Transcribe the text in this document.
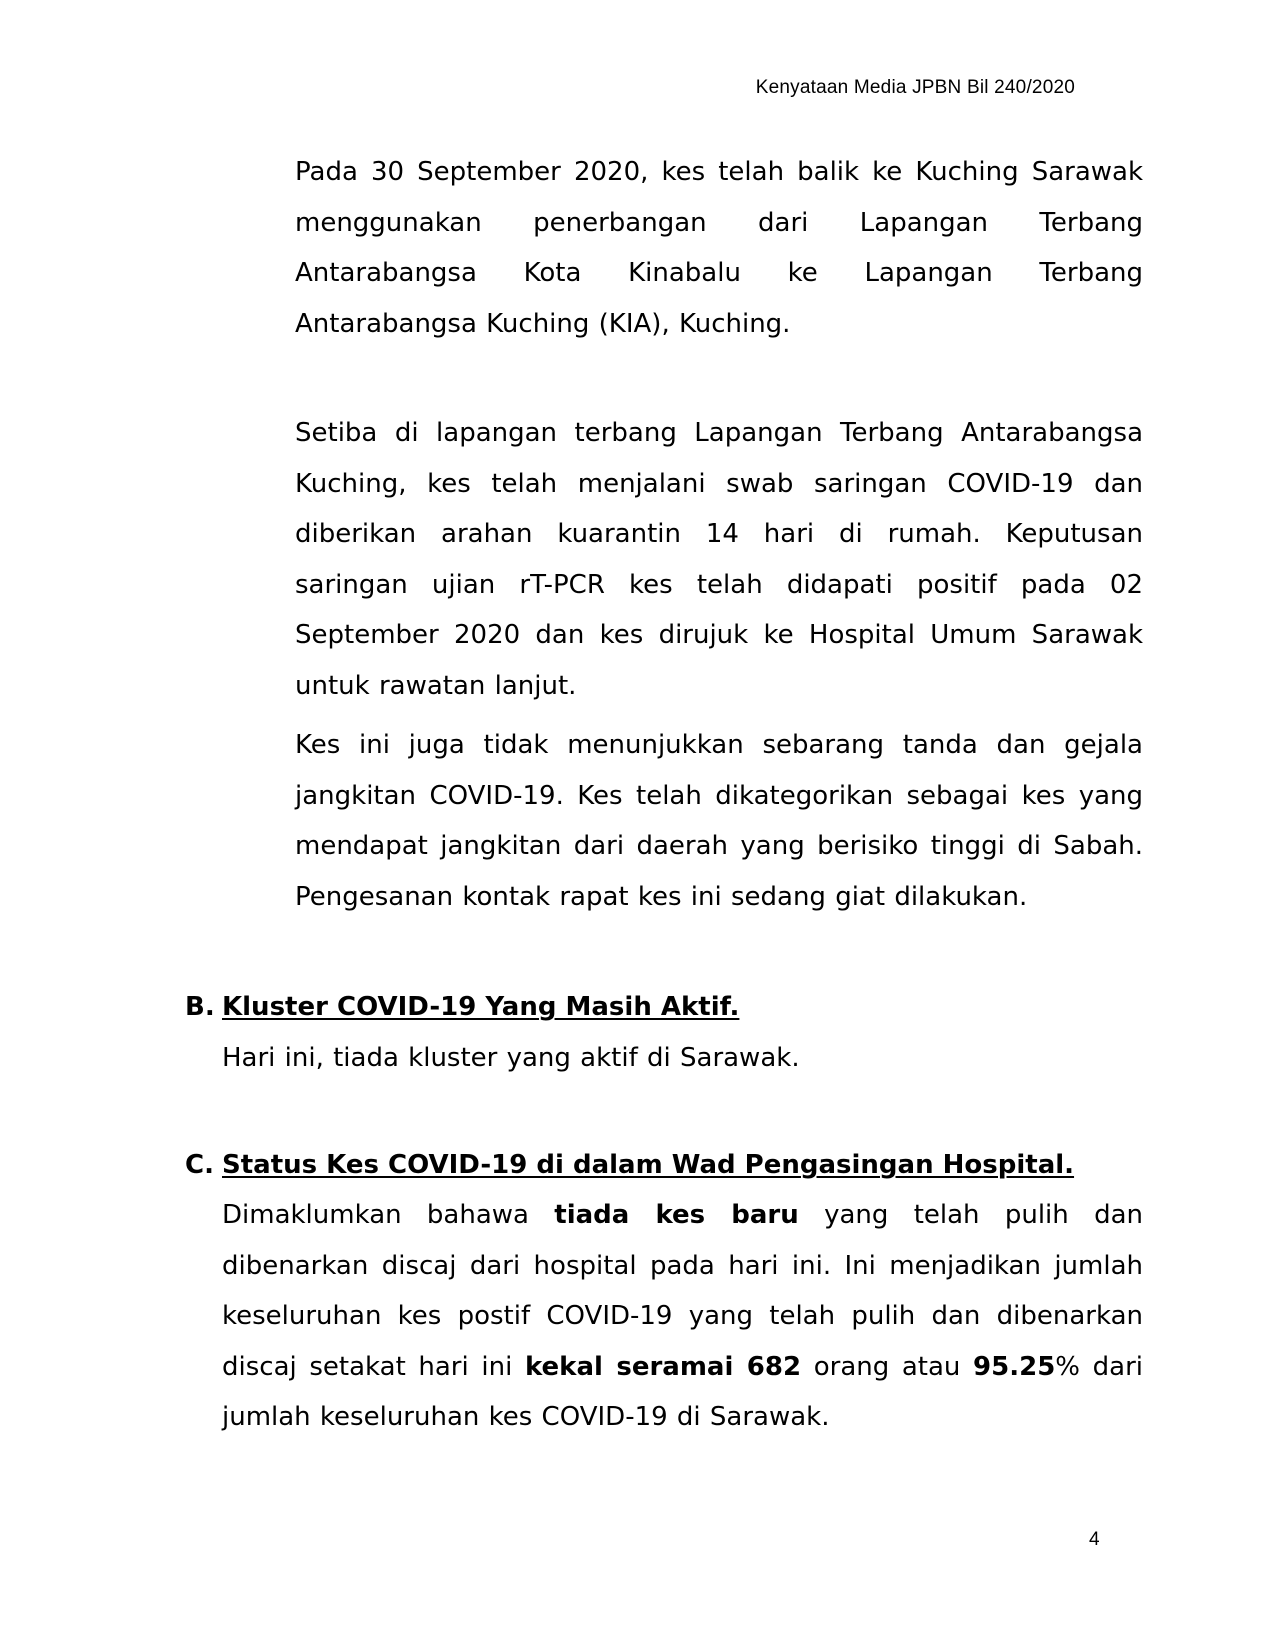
Kenyataan Media JPBN Bil 240/2020

Pada 30 September 2020, kes telah balik ke Kuching Sarawak menggunakan penerbangan dari Lapangan Terbang Antarabangsa Kota Kinabalu ke Lapangan Terbang Antarabangsa Kuching (KIA), Kuching.

Setiba di lapangan terbang Lapangan Terbang Antarabangsa Kuching, kes telah menjalani swab saringan COVID-19 dan diberikan arahan kuarantin 14 hari di rumah. Keputusan saringan ujian rT-PCR kes telah didapati positif pada 02 September 2020 dan kes dirujuk ke Hospital Umum Sarawak untuk rawatan lanjut.

Kes ini juga tidak menunjukkan sebarang tanda dan gejala jangkitan COVID-19. Kes telah dikategorikan sebagai kes yang mendapat jangkitan dari daerah yang berisiko tinggi di Sabah. Pengesanan kontak rapat kes ini sedang giat dilakukan.

B. Kluster COVID-19 Yang Masih Aktif.

Hari ini, tiada kluster yang aktif di Sarawak.

C. Status Kes COVID-19 di dalam Wad Pengasingan Hospital.

Dimaklumkan bahawa tiada kes baru yang telah pulih dan dibenarkan discaj dari hospital pada hari ini. Ini menjadikan jumlah keseluruhan kes postif COVID-19 yang telah pulih dan dibenarkan discaj setakat hari ini kekal seramai 682 orang atau 95.25% dari jumlah keseluruhan kes COVID-19 di Sarawak.

4
